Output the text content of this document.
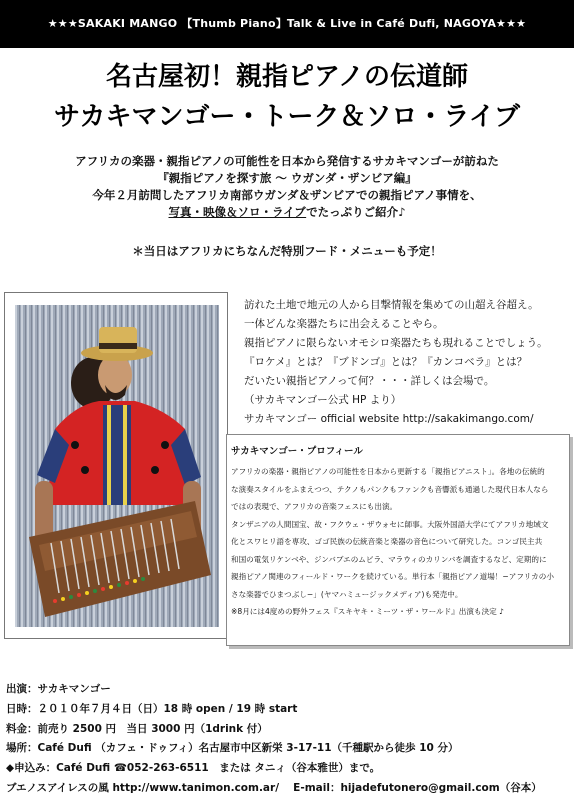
★★★SAKAKI MANGO 【Thumb Piano】Talk & Live in Café Dufi, NAGOYA★★★
名古屋初！親指ピアノの伝道師
サカキマンゴー・トーク＆ソロ・ライブ

アフリカの楽器・親指ピアノの可能性を日本から発信するサカキマンゴーが訪ねた

『親指ピアノを探す旅 ～ ウガンダ・ザンビア編』

今年２月訪問したアフリカ南部ウガンダ＆ザンビアでの親指ピアノ事情を、

写真・映像＆ソロ・ライブでたっぷりご紹介♪

＊当日はアフリカにちなんだ特別フード・メニューも予定！

訪れた土地で地元の人から目撃情報を集めての山超え谷超え。

一体どんな楽器たちに出会えることやら。

親指ピアノに限らないオモシロ楽器たちも現れることでしょう。

『ロケメ』とは？『ブドンゴ』とは？『カンコベラ』とは？

だいたい親指ピアノって何？・・・詳しくは会場で。

（サカキマンゴー公式 HP より）

サカキマンゴー official website http://sakakimango.com/

サカキマンゴー・プロフィール

アフリカの楽器・親指ピアノの可能性を日本から更新する「親指ピアニスト」。各地の伝統的

な演奏スタイルをふまえつつ、テクノもパンクもファンクも音響派も通過した現代日本人なら

ではの表現で、アフリカの音楽フェスにも出演。

タンザニアの人間国宝、故・フクウェ・ザウォセに師事。大阪外国語大学にてアフリカ地域文

化とスワヒリ語を専攻、ゴゴ民族の伝統音楽と楽器の音色について研究した。コンゴ民主共

和国の電気リケンベや、ジンバブエのムビラ、マラウィのカリンバを調査するなど、定期的に

親指ピアノ関連のフィールド・ワークを続けている。単行本「親指ピアノ道場！−アフリカの小

さな楽器でひまつぶし−」(ヤマハミュージックメディア)も発売中。

※8月には4度めの野外フェス『スキヤキ・ミーツ・ザ・ワールド』出演も決定 ♪

出演：サカキマンゴー

日時：２０１０年７月４日（日）18 時 open / 19 時 start

料金：前売り 2500 円　当日 3000 円（1drink 付）

場所：Café Dufi （カフェ・ドゥフィ）名古屋市中区新栄 3-17-11（千種駅から徒歩 10 分）

◆申込み：Café Dufi ☎052-263-6511　または タニィ（谷本雅世）まで。

ブエノスアイレスの風 http://www.tanimon.com.ar/　 E-mail：hijadefutonero@gmail.com（谷本）
